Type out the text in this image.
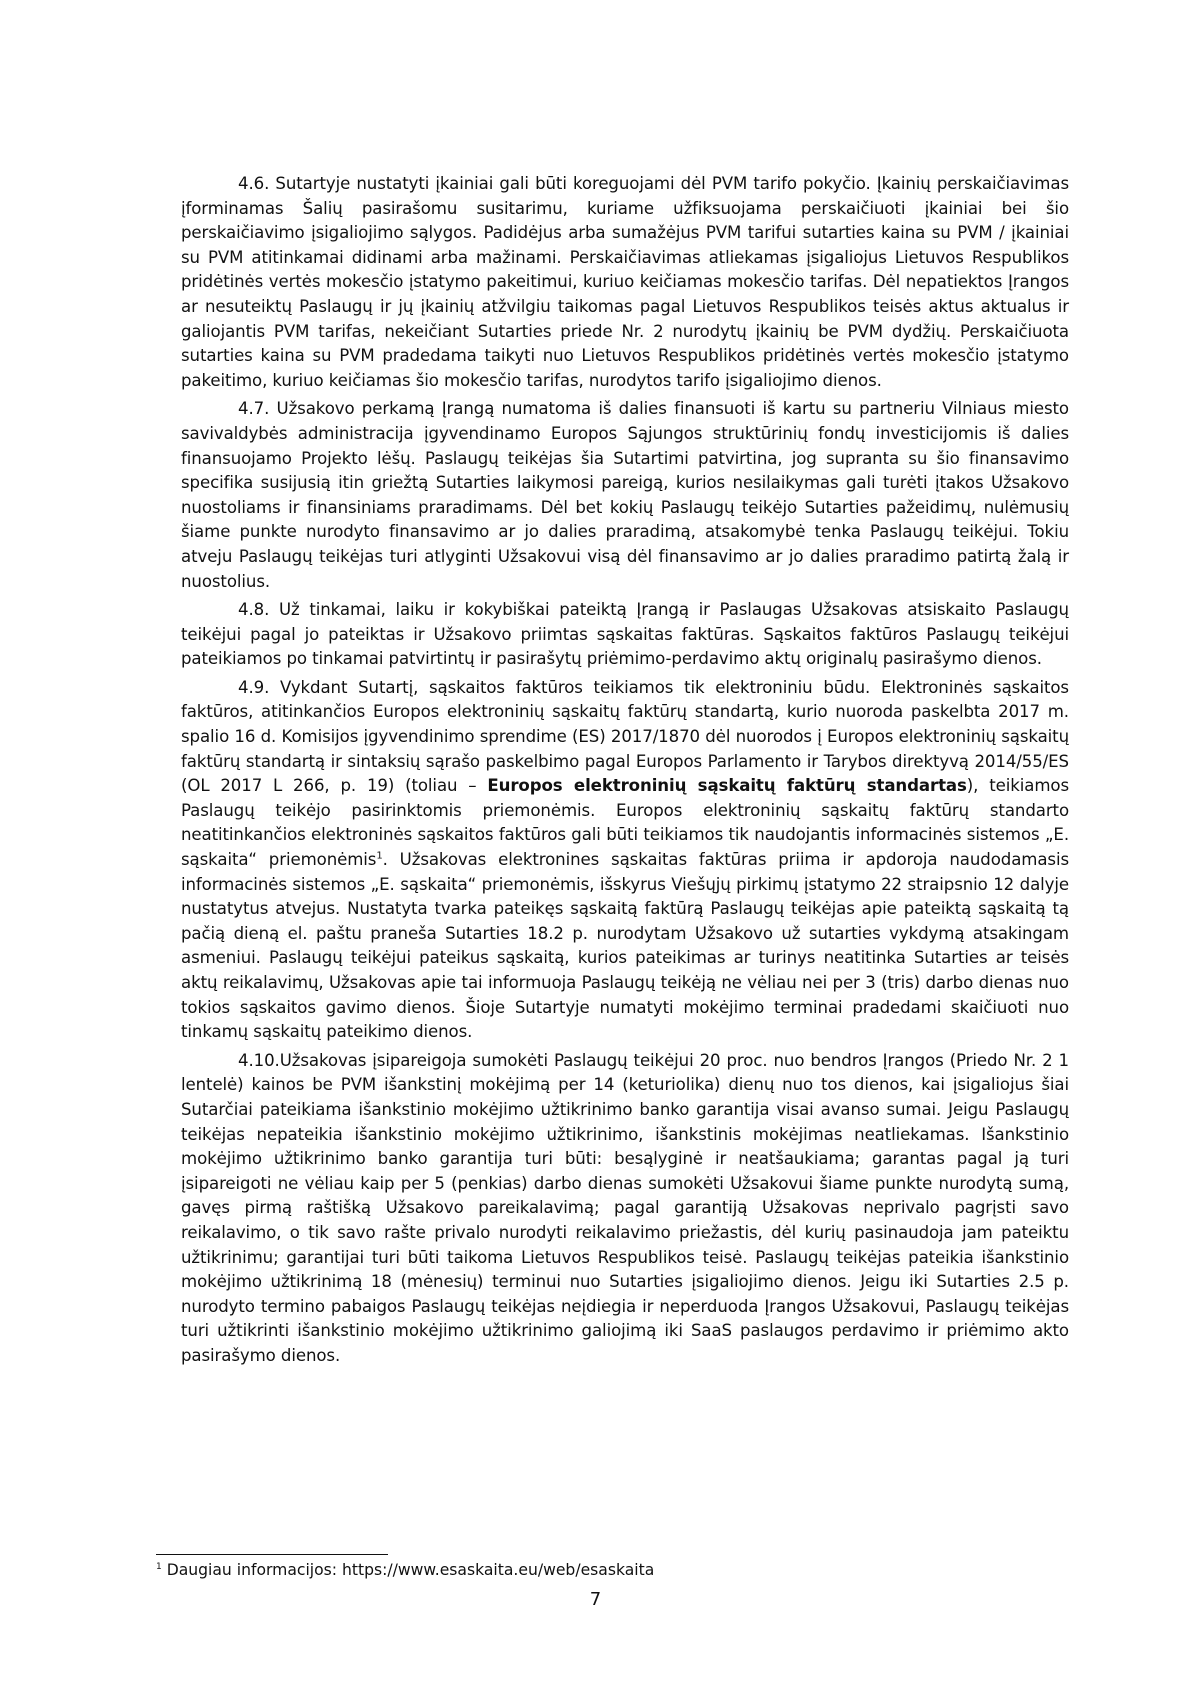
4.6. Sutartyje nustatyti įkainiai gali būti koreguojami dėl PVM tarifo pokyčio. Įkainių perskaičiavimas įforminamas Šalių pasirašomu susitarimu, kuriame užfiksuojama perskaičiuoti įkainiai bei šio perskaičiavimo įsigaliojimo sąlygos. Padidėjus arba sumažėjus PVM tarifui sutarties kaina su PVM / įkainiai su PVM atitinkamai didinami arba mažinami. Perskaičiavimas atliekamas įsigaliojus Lietuvos Respublikos pridėtinės vertės mokesčio įstatymo pakeitimui, kuriuo keičiamas mokesčio tarifas. Dėl nepatiektos Įrangos ar nesuteiktų Paslaugų ir jų įkainių atžvilgiu taikomas pagal Lietuvos Respublikos teisės aktus aktualus ir galiojantis PVM tarifas, nekeičiant Sutarties priede Nr. 2 nurodytų įkainių be PVM dydžių. Perskaičiuota sutarties kaina su PVM pradedama taikyti nuo Lietuvos Respublikos pridėtinės vertės mokesčio įstatymo pakeitimo, kuriuo keičiamas šio mokesčio tarifas, nurodytos tarifo įsigaliojimo dienos.

4.7. Užsakovo perkamą Įrangą numatoma iš dalies finansuoti iš kartu su partneriu Vilniaus miesto savivaldybės administracija įgyvendinamo Europos Sąjungos struktūrinių fondų investicijomis iš dalies finansuojamo Projekto lėšų. Paslaugų teikėjas šia Sutartimi patvirtina, jog supranta su šio finansavimo specifika susijusią itin griežtą Sutarties laikymosi pareigą, kurios nesilaikymas gali turėti įtakos Užsakovo nuostoliams ir finansiniams praradimams. Dėl bet kokių Paslaugų teikėjo Sutarties pažeidimų, nulėmusių šiame punkte nurodyto finansavimo ar jo dalies praradimą, atsakomybė tenka Paslaugų teikėjui. Tokiu atveju Paslaugų teikėjas turi atlyginti Užsakovui visą dėl finansavimo ar jo dalies praradimo patirtą žalą ir nuostolius.

4.8. Už tinkamai, laiku ir kokybiškai pateiktą Įrangą ir Paslaugas Užsakovas atsiskaito Paslaugų teikėjui pagal jo pateiktas ir Užsakovo priimtas sąskaitas faktūras. Sąskaitos faktūros Paslaugų teikėjui pateikiamos po tinkamai patvirtintų ir pasirašytų priėmimo-perdavimo aktų originalų pasirašymo dienos.

4.9. Vykdant Sutartį, sąskaitos faktūros teikiamos tik elektroniniu būdu. Elektroninės sąskaitos faktūros, atitinkančios Europos elektroninių sąskaitų faktūrų standartą, kurio nuoroda paskelbta 2017 m. spalio 16 d. Komisijos įgyvendinimo sprendime (ES) 2017/1870 dėl nuorodos į Europos elektroninių sąskaitų faktūrų standartą ir sintaksių sąrašo paskelbimo pagal Europos Parlamento ir Tarybos direktyvą 2014/55/ES (OL 2017 L 266, p. 19) (toliau – Europos elektroninių sąskaitų faktūrų standartas), teikiamos Paslaugų teikėjo pasirinktomis priemonėmis. Europos elektroninių sąskaitų faktūrų standarto neatitinkančios elektroninės sąskaitos faktūros gali būti teikiamos tik naudojantis informacinės sistemos „E. sąskaita“ priemonėmis$^1$. Užsakovas elektronines sąskaitas faktūras priima ir apdoroja naudodamasis informacinės sistemos „E. sąskaita“ priemonėmis, išskyrus Viešųjų pirkimų įstatymo 22 straipsnio 12 dalyje nustatytus atvejus. Nustatyta tvarka pateikęs sąskaitą faktūrą Paslaugų teikėjas apie pateiktą sąskaitą tą pačią dieną el. paštu praneša Sutarties 18.2 p. nurodytam Užsakovo už sutarties vykdymą atsakingam asmeniui. Paslaugų teikėjui pateikus sąskaitą, kurios pateikimas ar turinys neatitinka Sutarties ar teisės aktų reikalavimų, Užsakovas apie tai informuoja Paslaugų teikėją ne vėliau nei per 3 (tris) darbo dienas nuo tokios sąskaitos gavimo dienos. Šioje Sutartyje numatyti mokėjimo terminai pradedami skaičiuoti nuo tinkamų sąskaitų pateikimo dienos.

4.10.Užsakovas įsipareigoja sumokėti Paslaugų teikėjui 20 proc. nuo bendros Įrangos (Priedo Nr. 2 1 lentelė) kainos be PVM išankstinį mokėjimą per 14 (keturiolika) dienų nuo tos dienos, kai įsigaliojus šiai Sutarčiai pateikiama išankstinio mokėjimo užtikrinimo banko garantija visai avanso sumai. Jeigu Paslaugų teikėjas nepateikia išankstinio mokėjimo užtikrinimo, išankstinis mokėjimas neatliekamas. Išankstinio mokėjimo užtikrinimo banko garantija turi būti: besąlyginė ir neatšaukiama; garantas pagal ją turi įsipareigoti ne vėliau kaip per 5 (penkias) darbo dienas sumokėti Užsakovui šiame punkte nurodytą sumą, gavęs pirmą raštišką Užsakovo pareikalavimą; pagal garantiją Užsakovas neprivalo pagrįsti savo reikalavimo, o tik savo rašte privalo nurodyti reikalavimo priežastis, dėl kurių pasinaudoja jam pateiktu užtikrinimu; garantijai turi būti taikoma Lietuvos Respublikos teisė. Paslaugų teikėjas pateikia išankstinio mokėjimo užtikrinimą 18 (mėnesių) terminui nuo Sutarties įsigaliojimo dienos. Jeigu iki Sutarties 2.5 p. nurodyto termino pabaigos Paslaugų teikėjas neįdiegia ir neperduoda Įrangos Užsakovui, Paslaugų teikėjas turi užtikrinti išankstinio mokėjimo užtikrinimo galiojimą iki SaaS paslaugos perdavimo ir priėmimo akto pasirašymo dienos.

$^1$ Daugiau informacijos: https://www.esaskaita.eu/web/esaskaita
7
